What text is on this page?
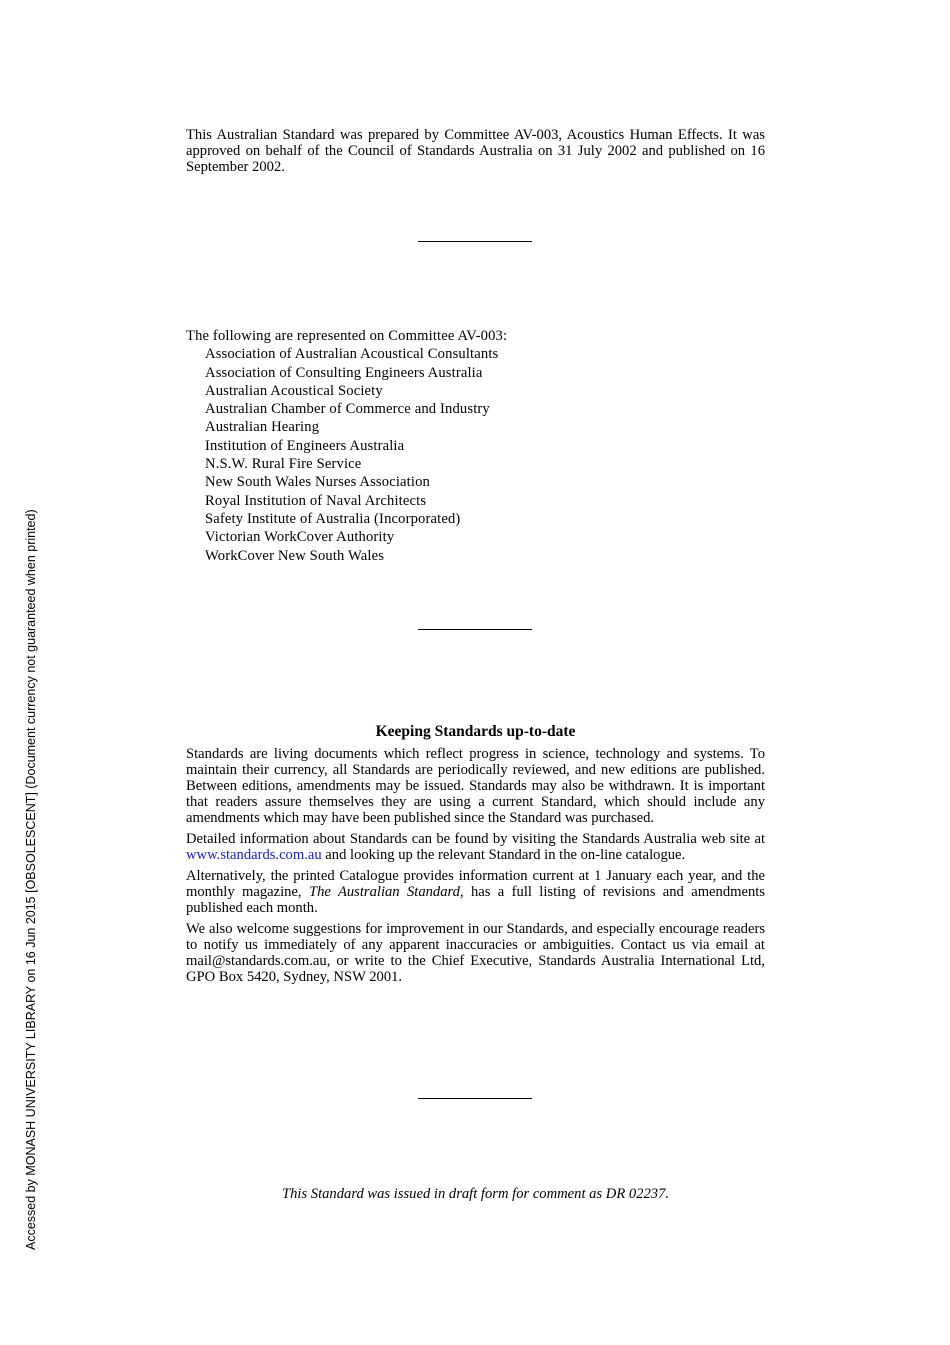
This Australian Standard was prepared by Committee AV-003, Acoustics Human Effects. It was approved on behalf of the Council of Standards Australia on 31 July 2002 and published on 16 September 2002.
The following are represented on Committee AV-003:
Association of Australian Acoustical Consultants
Association of Consulting Engineers Australia
Australian Acoustical Society
Australian Chamber of Commerce and Industry
Australian Hearing
Institution of Engineers Australia
N.S.W. Rural Fire Service
New South Wales Nurses Association
Royal Institution of Naval Architects
Safety Institute of Australia (Incorporated)
Victorian WorkCover Authority
WorkCover New South Wales
Keeping Standards up-to-date

Standards are living documents which reflect progress in science, technology and systems. To maintain their currency, all Standards are periodically reviewed, and new editions are published. Between editions, amendments may be issued. Standards may also be withdrawn. It is important that readers assure themselves they are using a current Standard, which should include any amendments which may have been published since the Standard was purchased.

Detailed information about Standards can be found by visiting the Standards Australia web site at www.standards.com.au and looking up the relevant Standard in the on-line catalogue.

Alternatively, the printed Catalogue provides information current at 1 January each year, and the monthly magazine, The Australian Standard, has a full listing of revisions and amendments published each month.

We also welcome suggestions for improvement in our Standards, and especially encourage readers to notify us immediately of any apparent inaccuracies or ambiguities. Contact us via email at mail@standards.com.au, or write to the Chief Executive, Standards Australia International Ltd, GPO Box 5420, Sydney, NSW 2001.

This Standard was issued in draft form for comment as DR 02237.
Accessed by MONASH UNIVERSITY LIBRARY on 16 Jun 2015 [OBSOLESCENT] (Document currency not guaranteed when printed)
